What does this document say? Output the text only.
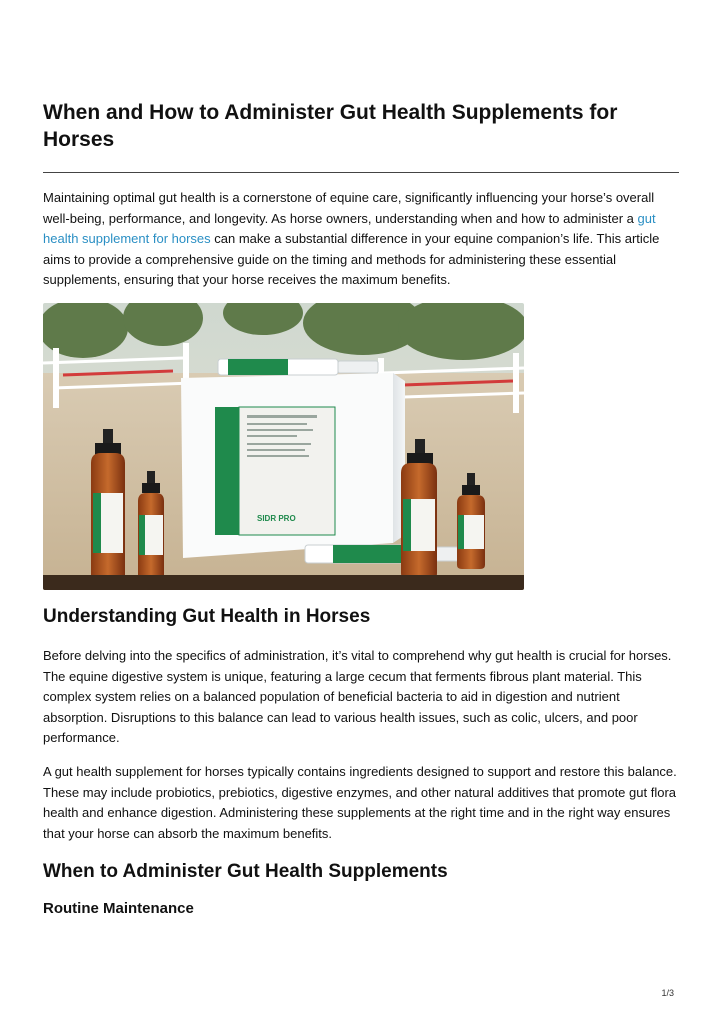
When and How to Administer Gut Health Supplements for Horses

Maintaining optimal gut health is a cornerstone of equine care, significantly influencing your horse’s overall well-being, performance, and longevity. As horse owners, understanding when and how to administer a gut health supplement for horses can make a substantial difference in your equine companion’s life. This article aims to provide a comprehensive guide on the timing and methods for administering these essential supplements, ensuring that your horse receives the maximum benefits.

SIDR PRO
Understanding Gut Health in Horses

Before delving into the specifics of administration, it’s vital to comprehend why gut health is crucial for horses. The equine digestive system is unique, featuring a large cecum that ferments fibrous plant material. This complex system relies on a balanced population of beneficial bacteria to aid in digestion and nutrient absorption. Disruptions to this balance can lead to various health issues, such as colic, ulcers, and poor performance.

A gut health supplement for horses typically contains ingredients designed to support and restore this balance. These may include probiotics, prebiotics, digestive enzymes, and other natural additives that promote gut flora health and enhance digestion. Administering these supplements at the right time and in the right way ensures that your horse can absorb the maximum benefits.

When to Administer Gut Health Supplements
Routine Maintenance
1/3
